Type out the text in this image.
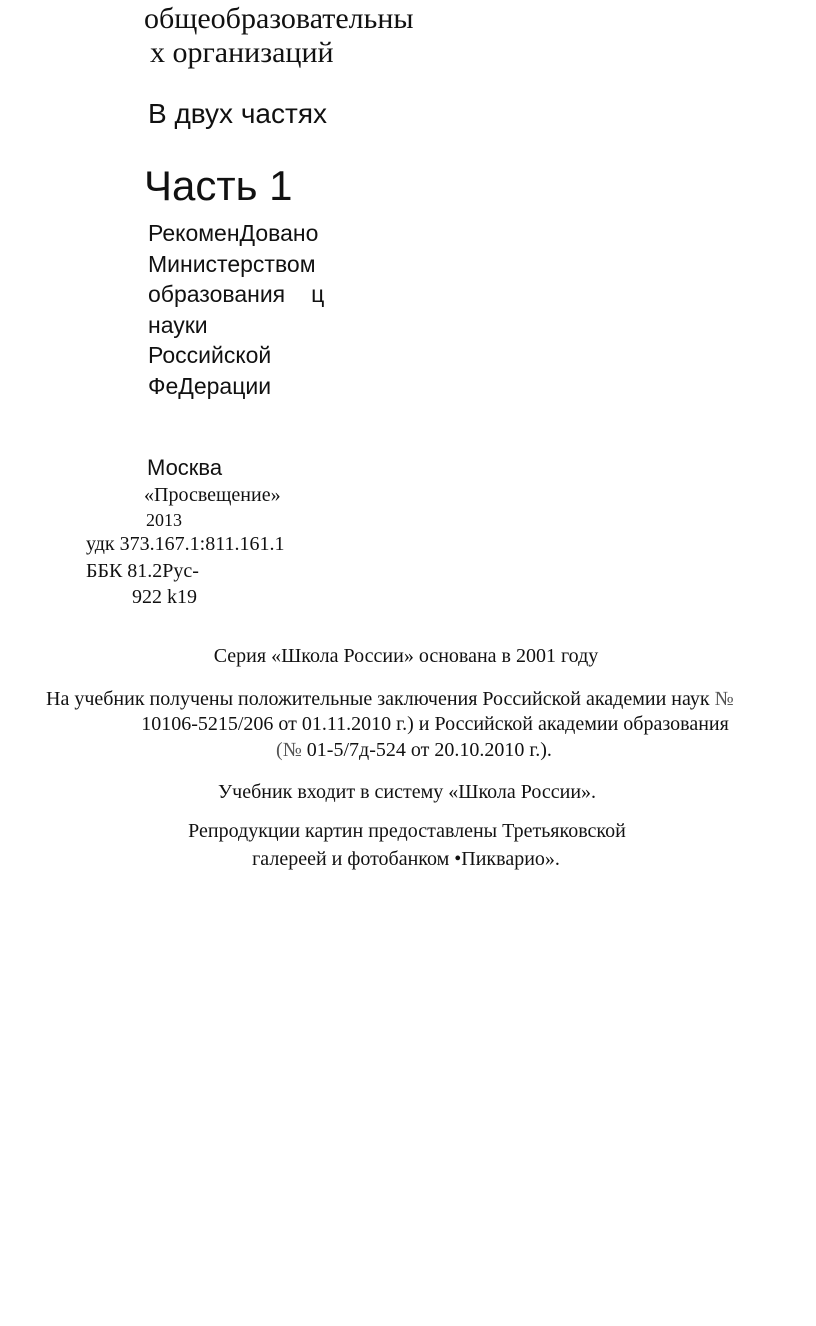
общеобразовательны
х организаций
В двух частях
Часть 1
РекоменДовано
Министерством
образования ц
науки
Российской
ФеДерации
Москва
«Просвещение»
2013
удк 373.167.1:811.161.1
ББК 81.2Рус-
922 k19
Серия «Школа России» основана в 2001 году
На учебник получены положительные заключения Российской академии наук №
10106-5215/206 от 01.11.2010 г.) и Российской академии образования
(№ 01-5/7д-524 от 20.10.2010 г.).
Учебник входит в систему «Школа России».
Репродукции картин предоставлены Третьяковской
галереей и фотобанком •Пикварио».
